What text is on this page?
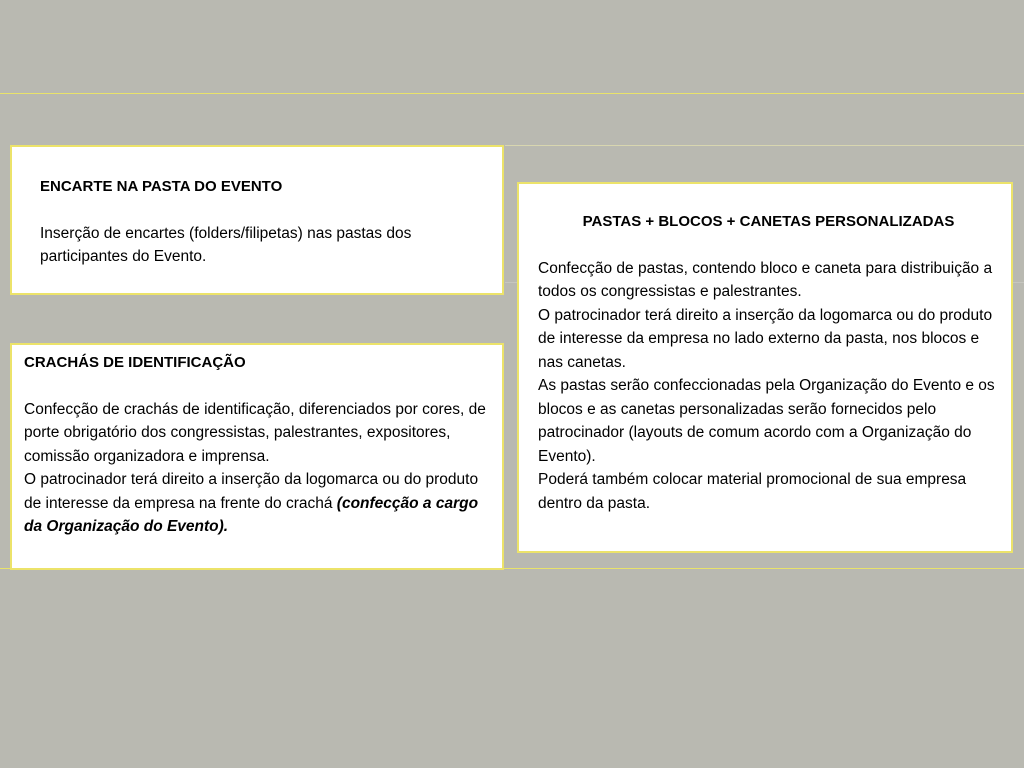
ENCARTE NA PASTA DO EVENTO

Inserção de encartes (folders/filipetas) nas pastas dos participantes do Evento.

CRACHÁS DE IDENTIFICAÇÃO

Confecção de crachás de identificação, diferenciados por cores, de porte obrigatório dos congressistas, palestrantes, expositores, comissão organizadora e imprensa.

O patrocinador terá direito a inserção da logomarca ou do produto de interesse da empresa na frente do crachá (confecção a cargo da Organização do Evento).

PASTAS + BLOCOS + CANETAS PERSONALIZADAS

Confecção de pastas, contendo bloco e caneta para distribuição a todos os congressistas e palestrantes.

O patrocinador terá direito a inserção da logomarca ou do produto de interesse da empresa no lado externo da pasta, nos blocos e nas canetas.

As pastas serão confeccionadas pela Organização do Evento e os blocos e as canetas personalizadas serão fornecidos pelo patrocinador (layouts de comum acordo com a Organização do Evento).

Poderá também colocar material promocional de sua empresa dentro da pasta.
